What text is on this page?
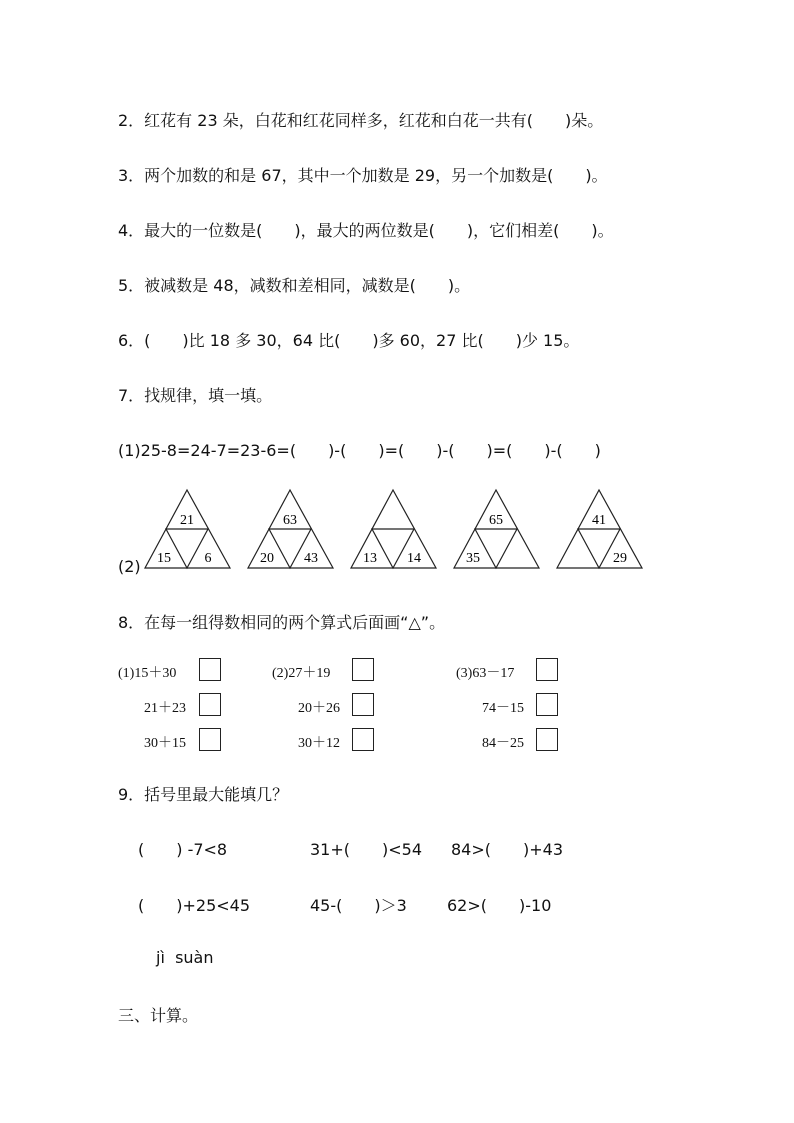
2．红花有 23 朵，白花和红花同样多，红花和白花一共有(　　)朵。
3．两个加数的和是 67，其中一个加数是 29，另一个加数是(　　)。
4．最大的一位数是(　　)，最大的两位数是(　　)，它们相差(　　)。
5．被减数是 48，减数和差相同，减数是(　　)。
6．(　　)比 18 多 30，64 比(　　)多 60，27 比(　　)少 15。
7．找规律，填一填。
(1)25-8=24-7=23-6=(　　)-(　　)=(　　)-(　　)=(　　)-(　　)
(2)
21
15 6
63
20 43	13 14
65
35
41
29
8．在每一组得数相同的两个算式后面画“△”。
(1)15＋30
21＋23
30＋15
(2)27＋19
20＋26
30＋12
(3)63－17
74－15
84－25
9．括号里最大能填几？
(　　) -7<8	31+(　　)<54 84>(　　)+43
(　　)+25<45	45-(　　)＞3	62>(　　)-10
jì  suàn
三、计算。
